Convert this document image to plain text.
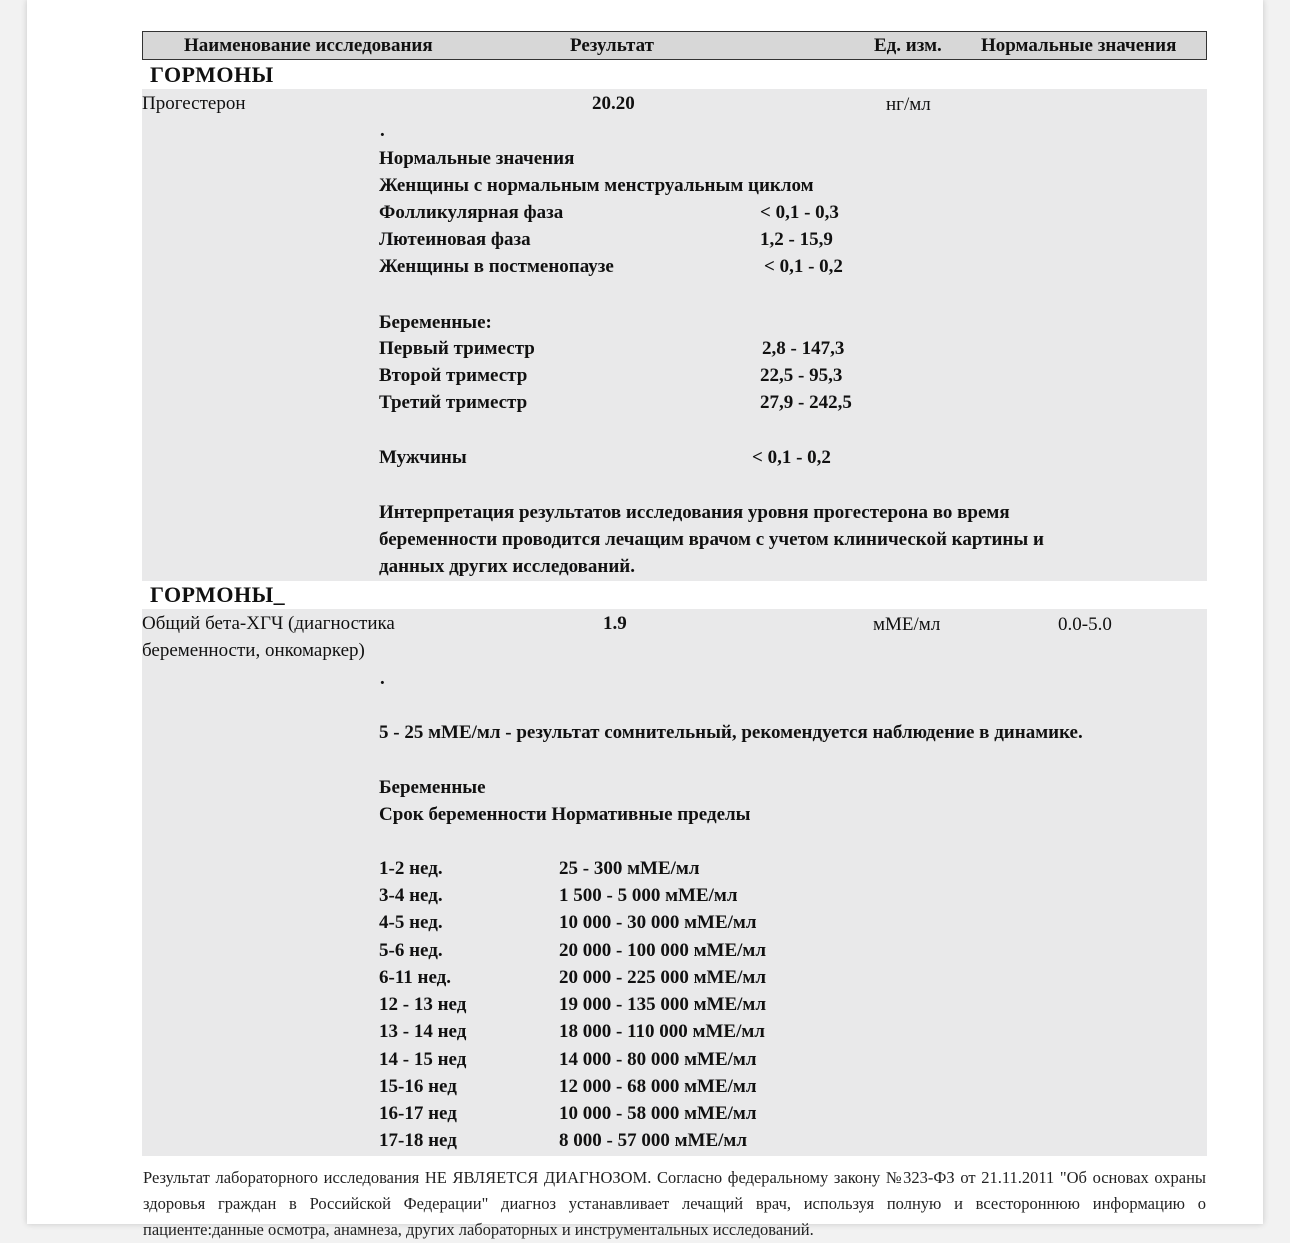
Наименование исследования	Результат	Ед. изм. Нормальные значения
ГОРМОНЫ
Прогестерон	20.20	нг/мл
.
Нормальные значения
Женщины с нормальным менструальным циклом
Фолликулярная фаза	< 0,1 - 0,3
Лютеиновая фаза	1,2 - 15,9
Женщины в постменопаузе	< 0,1 - 0,2
Беременные:
Первый триместр	2,8 - 147,3
Второй триместр	22,5 - 95,3
Третий триместр	27,9 - 242,5
Мужчины	< 0,1 - 0,2
Интерпретация результатов исследования уровня прогестерона во время
беременности проводится лечащим врачом с учетом клинической картины и
данных других исследований.
ГОРМОНЫ_
Общий бета-ХГЧ (диагностика
беременности, онкомаркер)
1.9	мМЕ/мл	0.0-5.0
.
5 - 25 мМЕ/мл - результат сомнительный, рекомендуется наблюдение в динамике.
Беременные
Срок беременности Нормативные пределы
1-2 нед.	25 - 300 мМЕ/мл
3-4 нед.	1 500 - 5 000 мМЕ/мл
4-5 нед.	10 000 - 30 000 мМЕ/мл
5-6 нед.	20 000 - 100 000 мМЕ/мл
6-11 нед.	20 000 - 225 000 мМЕ/мл
12 - 13 нед	19 000 - 135 000 мМЕ/мл
13 - 14 нед	18 000 - 110 000 мМЕ/мл
14 - 15 нед	14 000 - 80 000 мМЕ/мл
15-16 нед	12 000 - 68 000 мМЕ/мл
16-17 нед	10 000 - 58 000 мМЕ/мл
17-18 нед	8 000 - 57 000 мМЕ/мл
Результат лабораторного исследования НЕ ЯВЛЯЕТСЯ ДИАГНОЗОМ. Согласно федеральному закону №323-ФЗ от 21.11.2011 "Об основах охраны здоровья граждан в Российской Федерации" диагноз устанавливает лечащий врач, используя полную и всестороннюю информацию о пациенте:данные осмотра, анамнеза, других лабораторных и инструментальных исследований.
